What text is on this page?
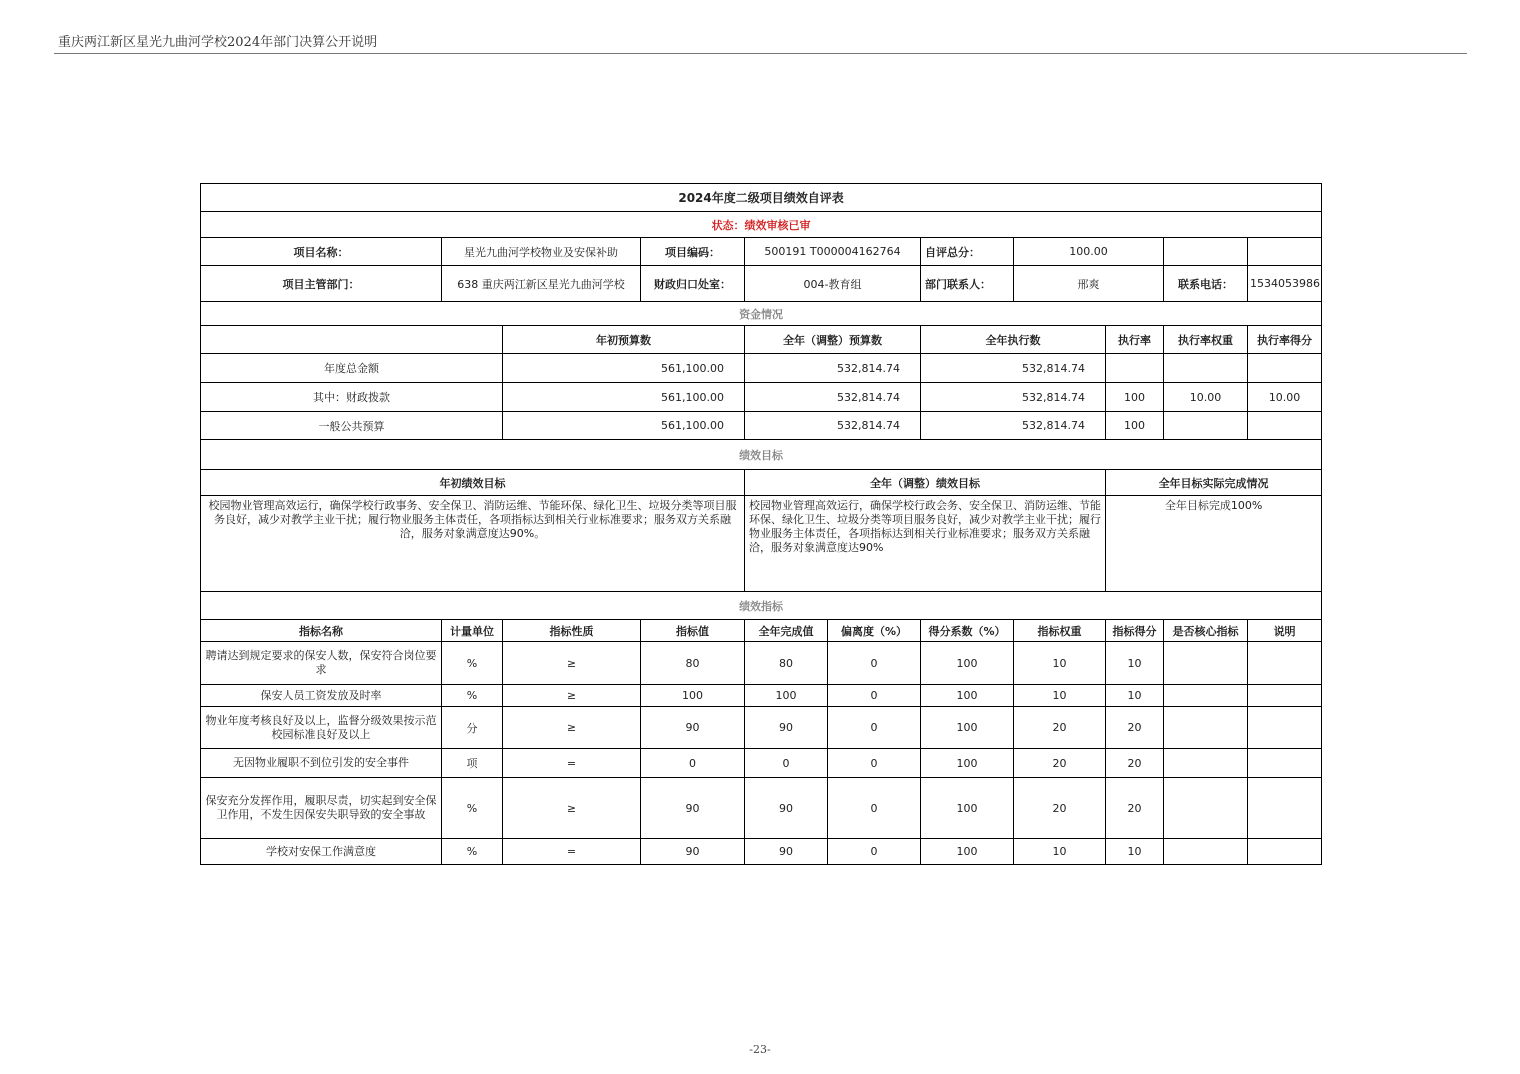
重庆两江新区星光九曲河学校2024年部门决算公开说明
2024年度二级项目绩效自评表										
状态：绩效审核已审										
项目名称：	星光九曲河学校物业及安保补助		项目编码：	500191 T000004162764		自评总分：	100.00			
项目主管部门：	638 重庆两江新区星光九曲河学校		财政归口处室：	004-教育组		部门联系人：	邢爽		联系电话：	1534053986
资金情况										
		年初预算数		全年（调整）预算数		全年执行数		执行率	执行率权重	执行率得分
年度总金额		561,100.00		532,814.74		532,814.74				
其中：财政拨款		561,100.00		532,814.74		532,814.74		100	10.00	10.00
一般公共预算		561,100.00		532,814.74		532,814.74		100		
绩效目标										
年初绩效目标				全年（调整）绩效目标				全年目标实际完成情况		
校园物业管理高效运行，确保学校行政事务、安全保卫、消防运维、节能环保、绿化卫生、垃圾分类等项目服务良好，减少对教学主业干扰；履行物业服务主体责任，各项指标达到相关行业标准要求；服务双方关系融洽，服务对象满意度达90%。				校园物业管理高效运行，确保学校行政会务、安全保卫、消防运维、节能环保、绿化卫生、垃圾分类等项目服务良好，减少对教学主业干扰；履行物业服务主体责任，各项指标达到相关行业标准要求；服务双方关系融洽，服务对象满意度达90%				全年目标完成100%		
绩效指标										
指标名称	计量单位	指标性质	指标值	全年完成值	偏离度（%）	得分系数（%）	指标权重	指标得分	是否核心指标	说明
聘请达到规定要求的保安人数，保安符合岗位要求	%	≥	80	80	0	100	10	10		
保安人员工资发放及时率	%	≥	100	100	0	100	10	10		
物业年度考核良好及以上，监督分级效果按示范校园标准良好及以上	分	≥	90	90	0	100	20	20		
无因物业履职不到位引发的安全事件	项	=	0	0	0	100	20	20		
保安充分发挥作用，履职尽责，切实起到安全保卫作用，不发生因保安失职导致的安全事故	%	≥	90	90	0	100	20	20		
学校对安保工作满意度	%	=	90	90	0	100	10	10		
-23-
